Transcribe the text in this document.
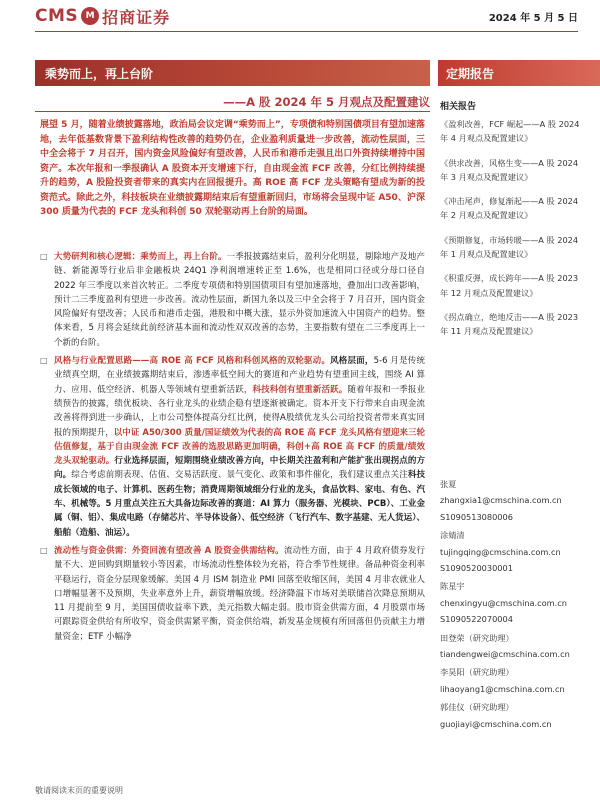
CMS M 招商证券	2024 年 5 月 5 日
乘势而上，再上台阶
——A 股 2024 年 5 月观点及配置建议

展望 5 月，随着业绩披露落地，政治局会议定调“乘势而上”，专项债和特别国债项目有望加速落地，去年低基数背景下盈利结构性改善的趋势仍在，企业盈利质量进一步改善，流动性层面，三中全会将于 7 月召开，国内资金风险偏好有望改善，人民币和港币走强且出口外资持续增持中国资产。本次年报和一季报确认 A 股资本开支增速下行，自由现金流 FCF 改善，分红比例持续提升的趋势，A 股险投资者带来的真实内在回报提升。高 ROE 高 FCF 龙头策略有望成为新的投资范式。除此之外，科技板块在业绩披露期结束后有望重新回归，市场将会呈现中证 A50、沪深 300 质量为代表的 FCF 龙头和科创 50 双轮驱动再上台阶的局面。

□ 大势研判和核心逻辑：乘势而上，再上台阶。一季报披露结束后，盈利分化明显，剔除地产及地产链、新能源等行业后非金融板块 24Q1 净利润增速转正至 1.6%，也是相同口径或分母口径自 2022 年三季度以来首次转正。二季度专项债和特别国债项目有望加速落地，叠加出口改善影响，预计二三季度盈利有望进一步改善。流动性层面，新国九条以及三中全会将于 7 月召开，国内资金风险偏好有望改善；人民币和港币走强，港股和中概大涨，显示外资加速流入中国资产的趋势。整体来看，5 月将会延续此前经济基本面和流动性双双改善的态势，主要指数有望在二三季度再上一个新的台阶。
□ 风格与行业配置思路——高 ROE 高 FCF 风格和科创风格的双轮驱动。风格层面，5-6 月是传统业绩真空期，在业绩披露期结束后，渗透率低空间大的赛道和产业趋势有望重回主线，围绕 AI 算力、应用、低空经济、机器人等领域有望重新活跃，科技科创有望重新活跃。随着年报和一季报业绩预告的披露，绩优板块、各行业龙头的业绩企稳有望逐渐被确定。资本开支下行带来自由现金流改善将得到进一步确认，上市公司整体提高分红比例，使得A股绩优龙头公司给投资者带来真实回报的预期提升，以中证 A50/300 质量/国证绩效为代表的高 ROE 高 FCF 龙头风格有望迎来三轮估值修复，基于自由现金流 FCF 改善的选股思路更加明确，科创+高 ROE 高 FCF 的质量/绩效龙头双轮驱动。行业选择层面，短期围绕业绩改善方向，中长期关注盈利和产能扩张出现拐点的方向。综合考虑前期表现、估值、交易活跃度、景气变化、政策和事件催化，我们建议重点关注科技成长领域的电子、计算机、医药生物；消费周期领域细分行业的龙头，食品饮料、家电、有色、汽车、机械等。5 月重点关注五大具备边际改善的赛道：AI 算力（服务器、光模块、PCB）、工业金属（铜、铝）、集成电路（存储芯片、半导体设备）、低空经济（飞行汽车、数字基建、无人货运）、船舶（造船、油运）。
□ 流动性与资金供需：外资回流有望改善 A 股资金供需结构。流动性方面，由于 4 月政府债券发行量不大、逆回购到期量较小等因素，市场流动性整体较为充裕，符合季节性规律。备品种资金利率平稳运行，资金分层现象缓解。美国 4 月 ISM 制造业 PMI 回落至收缩区间，美国 4 月非农就业人口增幅显著不及预期，失业率意外上升，薪资增幅放缓。经济降温下市场对美联储首次降息预期从 11 月提前至 9 月，美国国债收益率下跌，美元指数大幅走弱。股市资金供需方面，4 月股票市场可跟踪资金供给有所收窄，资金供需紧平衡，资金供给端，新发基金规模有所回落但仍贡献主力增量资金；ETF 小幅净
定期报告
相关报告
《盈利改善，FCF 崛起——A 股 2024 年 4 月观点及配置建议》
《供求改善，风格生变——A 股 2024 年 3 月观点及配置建议》
《冲击尾声，修复渐起——A 股 2024 年 2 月观点及配置建议》
《预期修复，市场转暖——A 股 2024 年 1 月观点及配置建议》
《积重反弹，成长跨年——A 股 2023 年 12 月观点及配置建议》
《拐点确立，绝地反击——A 股 2023 年 11 月观点及配置建议》
张夏
zhangxia1@cmschina.com.cn
S1090513080006
涂婧清
tujingqing@cmschina.com.cn
S1090520030001
陈星宇
chenxingyu@cmschina.com.cn
S1090522070004
田登荣（研究助理）
tiandengwei@cmschina.com.cn
李昊阳（研究助理）
lihaoyang1@cmschina.com.cn
郭佳仪（研究助理）
guojiayi@cmschina.com.cn
敬请阅读末页的重要说明
